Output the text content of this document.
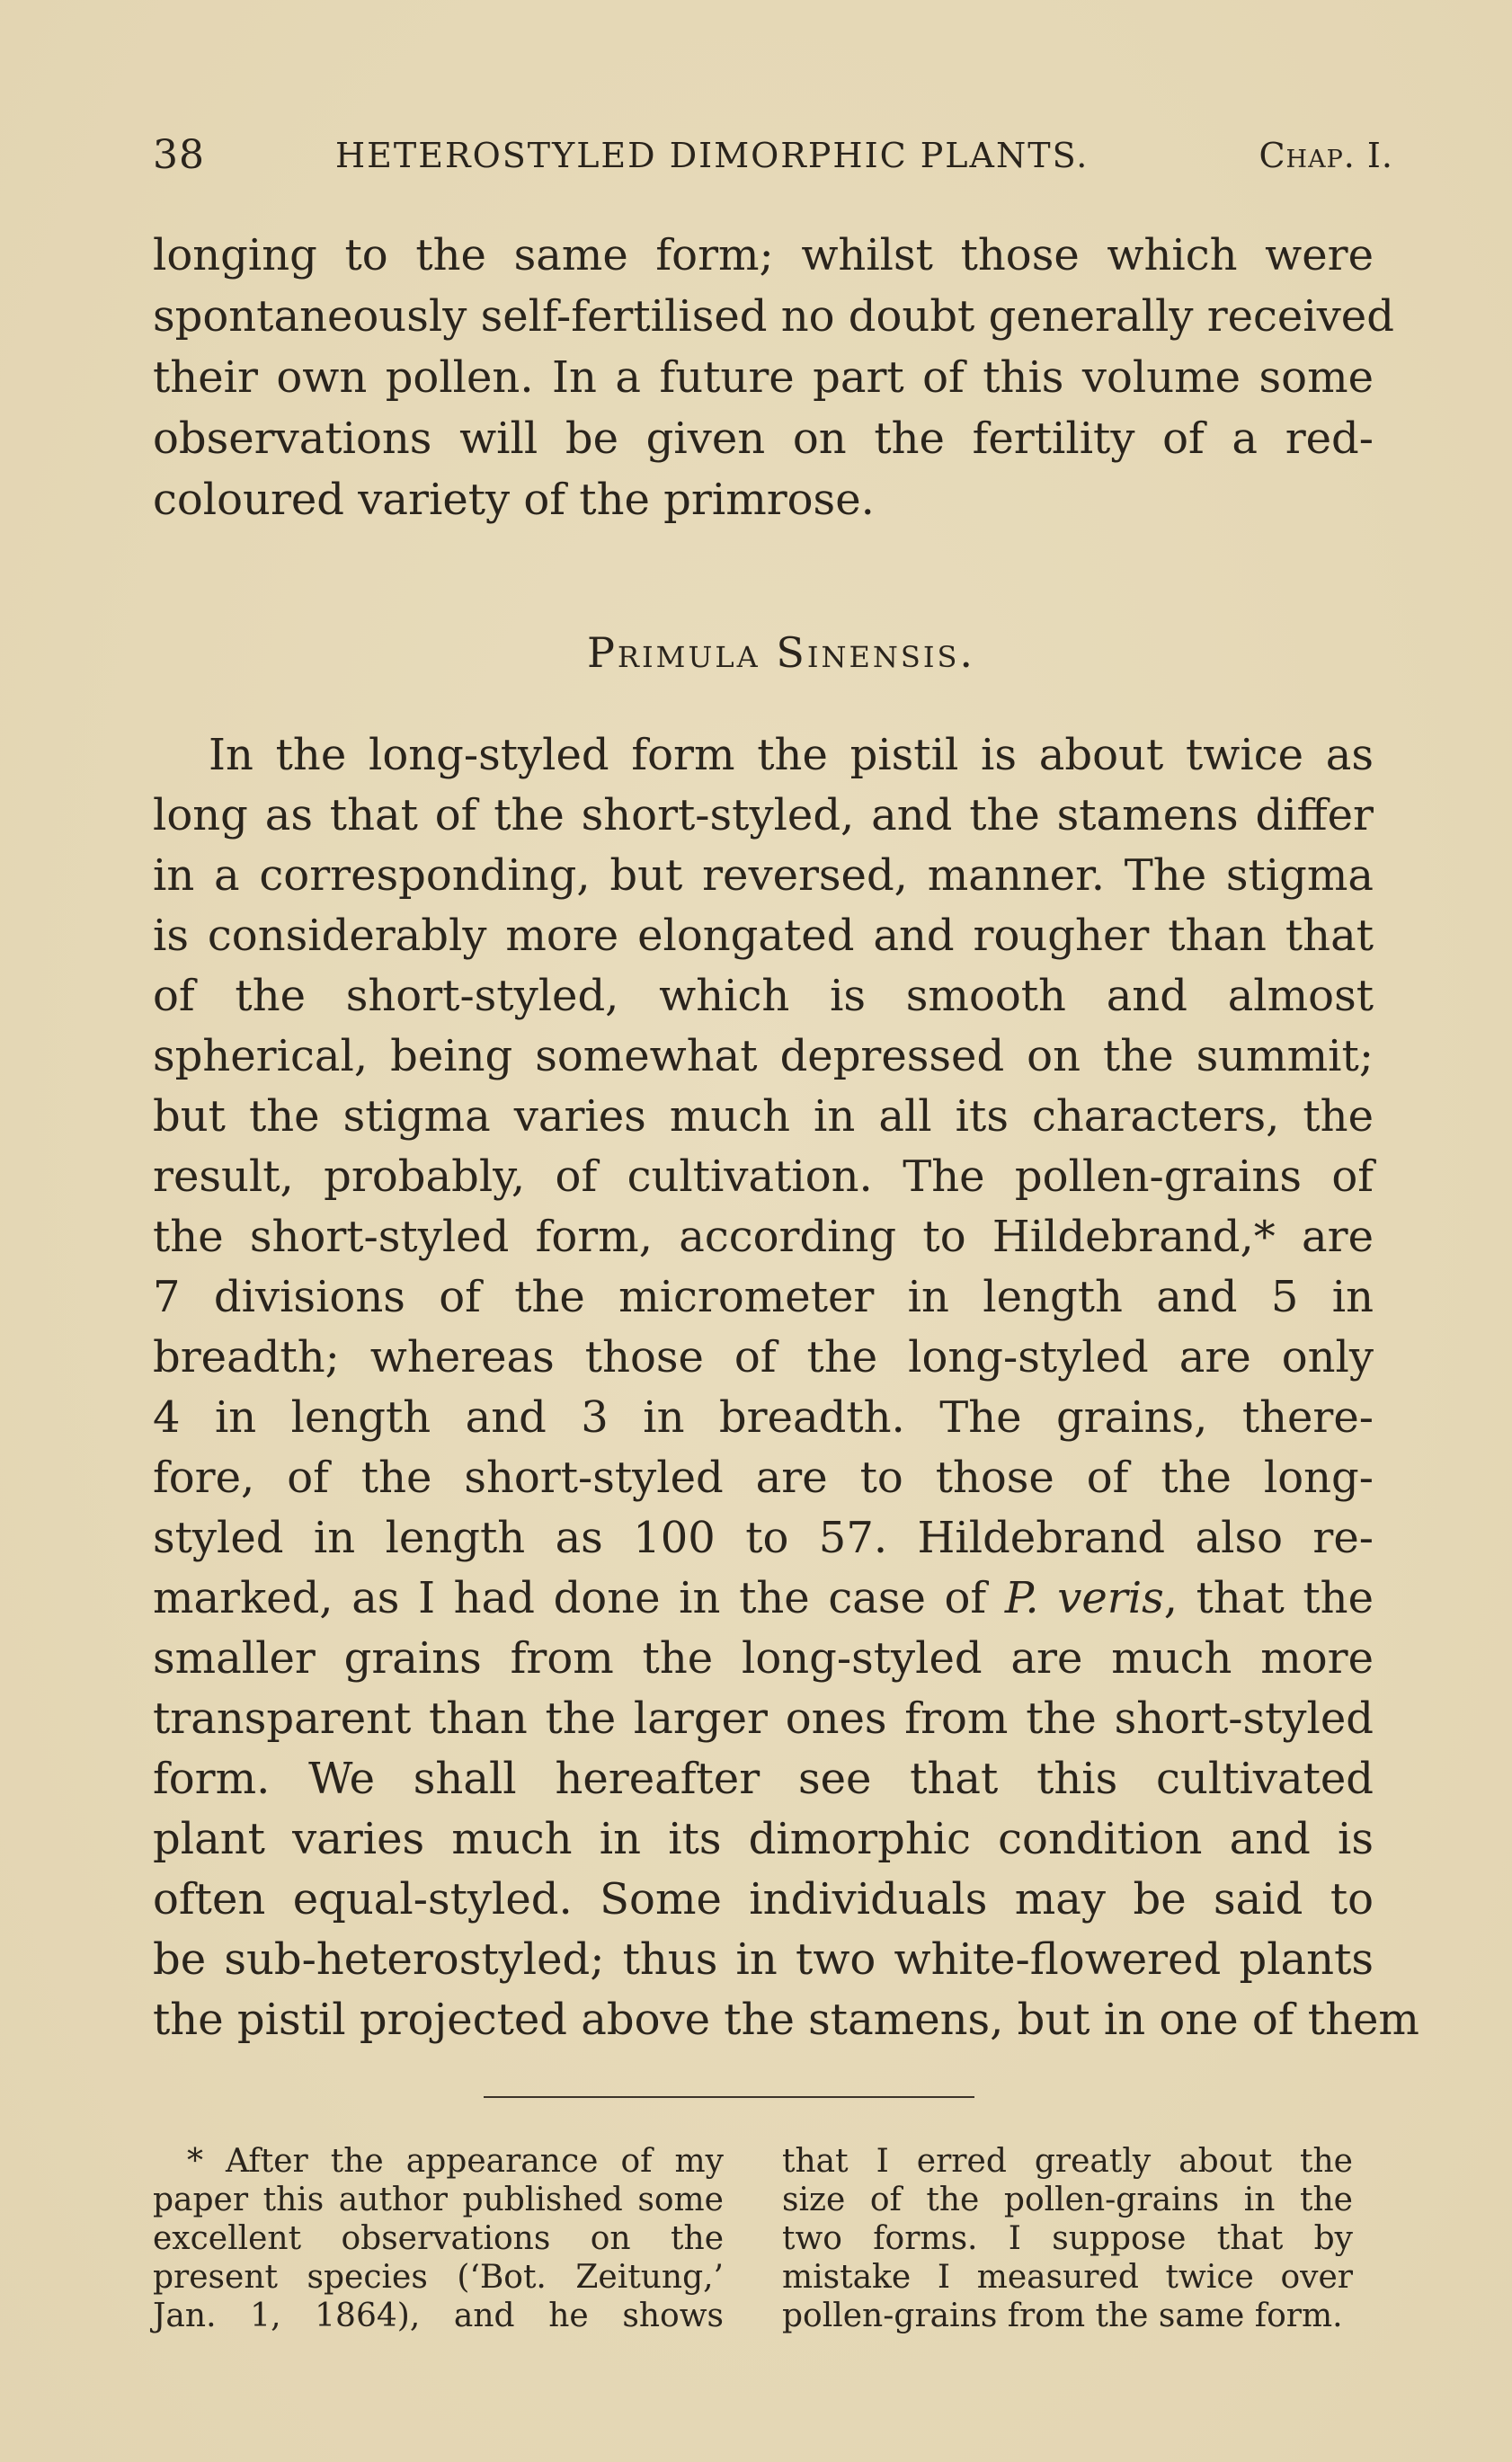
38	HETEROSTYLED DIMORPHIC PLANTS.	Chap. I.
longing to the same form; whilst those which were
spontaneously self-fertilised no doubt generally received
their own pollen. In a future part of this volume some
observations will be given on the fertility of a red-
coloured variety of the primrose.
Primula Sinensis.
In the long-styled form the pistil is about twice as
long as that of the short-styled, and the stamens differ
in a corresponding, but reversed, manner. The stigma
is considerably more elongated and rougher than that
of the short-styled, which is smooth and almost
spherical, being somewhat depressed on the summit;
but the stigma varies much in all its characters, the
result, probably, of cultivation. The pollen-grains of
the short-styled form, according to Hildebrand,* are
7 divisions of the micrometer in length and 5 in
breadth; whereas those of the long-styled are only
4 in length and 3 in breadth. The grains, there-
fore, of the short-styled are to those of the long-
styled in length as 100 to 57. Hildebrand also re-
marked, as I had done in the case of P. veris, that the
smaller grains from the long-styled are much more
transparent than the larger ones from the short-styled
form. We shall hereafter see that this cultivated
plant varies much in its dimorphic condition and is
often equal-styled. Some individuals may be said to
be sub-heterostyled; thus in two white-flowered plants
the pistil projected above the stamens, but in one of them
* After the appearance of my
paper this author published some
excellent observations on the
present species (‘Bot. Zeitung,’
Jan. 1, 1864), and he shows
that I erred greatly about the
size of the pollen-grains in the
two forms. I suppose that by
mistake I measured twice over
pollen-grains from the same form.
